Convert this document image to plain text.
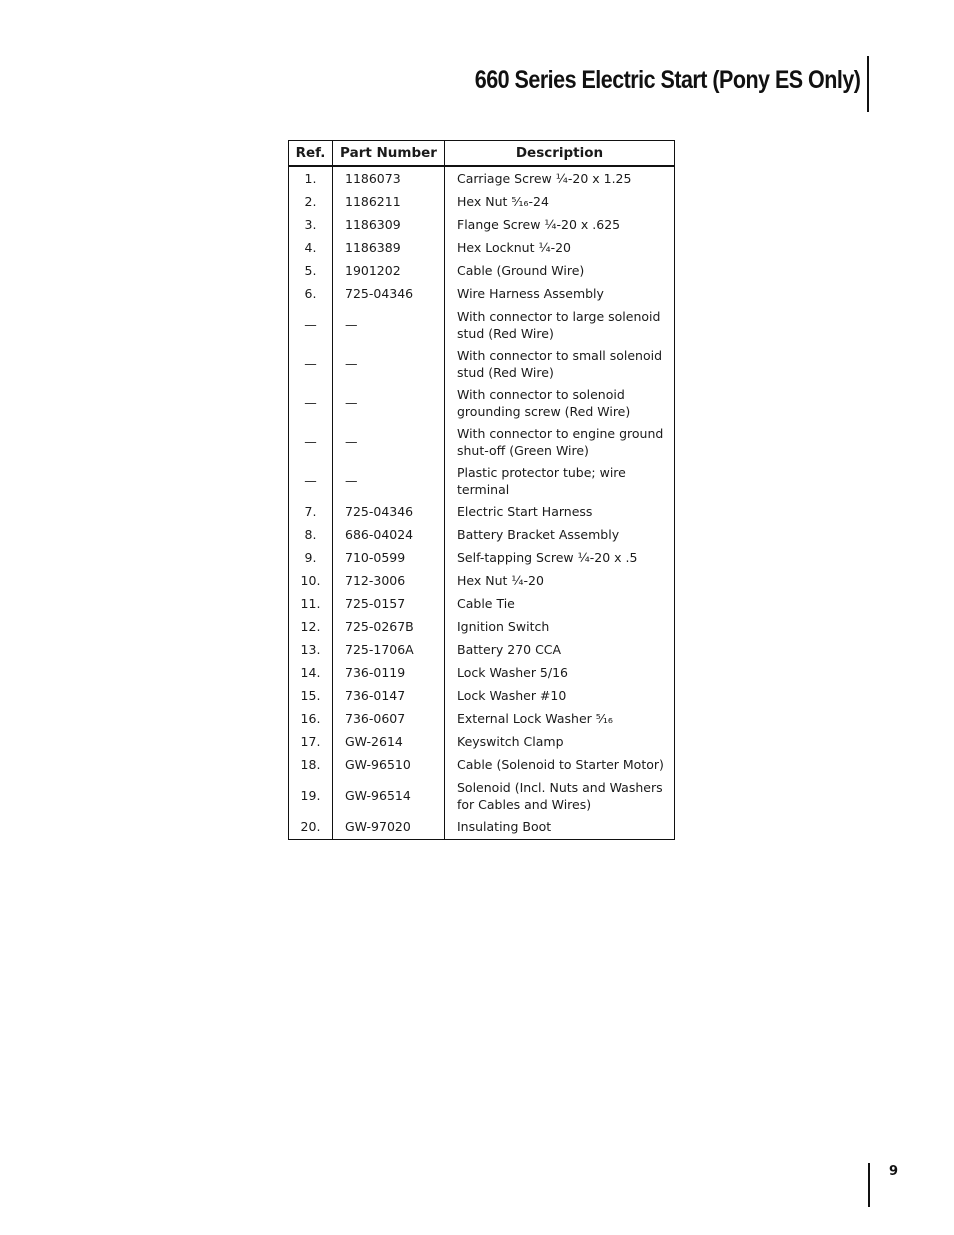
660 Series Electric Start (Pony ES Only)
Ref.	Part Number	Description
1.	1186073	Carriage Screw ¼-20 x 1.25
2.	1186211	Hex Nut ⁵⁄₁₆-24
3.	1186309	Flange Screw ¼-20 x .625
4.	1186389	Hex Locknut ¼-20
5.	1901202	Cable (Ground Wire)
6.	725-04346	Wire Harness Assembly
—	—	With connector to large solenoid stud (Red Wire)
—	—	With connector to small solenoid stud (Red Wire)
—	—	With connector to solenoid grounding screw (Red Wire)
—	—	With connector to engine ground shut-off (Green Wire)
—	—	Plastic protector tube; wire terminal
7.	725-04346	Electric Start Harness
8.	686-04024	Battery Bracket Assembly
9.	710-0599	Self-tapping Screw ¼-20 x .5
10.	712-3006	Hex Nut ¼-20
11.	725-0157	Cable Tie
12.	725-0267B	Ignition Switch
13.	725-1706A	Battery 270 CCA
14.	736-0119	Lock Washer 5/16
15.	736-0147	Lock Washer #10
16.	736-0607	External Lock Washer ⁵⁄₁₆
17.	GW-2614	Keyswitch Clamp
18.	GW-96510	Cable (Solenoid to Starter Motor)
19.	GW-96514	Solenoid (Incl. Nuts and Washers for Cables and Wires)
20.	GW-97020	Insulating Boot
9
